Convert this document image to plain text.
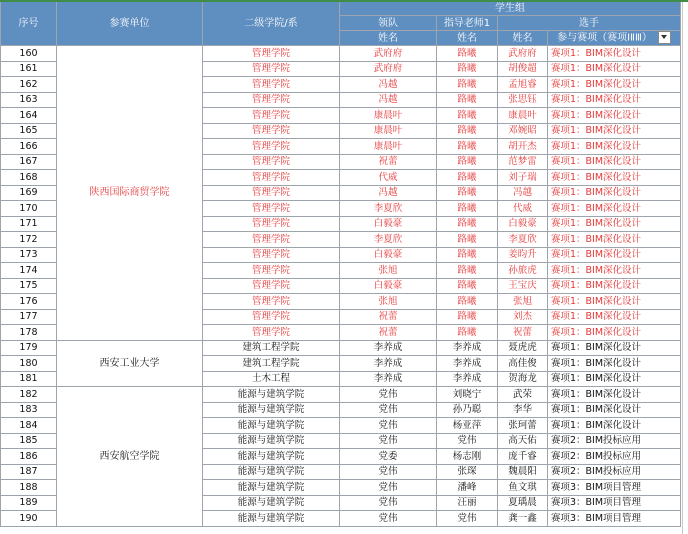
序号	参赛单位	二级学院/系	学生组			
			领队	指导老师1	选手	
			姓名	姓名	姓名	参与赛项（赛项ⅠⅡⅢ）
160	陕西国际商贸学院	管理学院	武府府	路曦	武府府	赛项1：BIM深化设计
161		管理学院	武府府	路曦	胡俊超	赛项1：BIM深化设计
162		管理学院	冯越	路曦	孟旭睿	赛项1：BIM深化设计
163		管理学院	冯越	路曦	张思钰	赛项1：BIM深化设计
164		管理学院	康晨叶	路曦	康晨叶	赛项1：BIM深化设计
165		管理学院	康晨叶	路曦	邓婉昭	赛项1：BIM深化设计
166		管理学院	康晨叶	路曦	胡开杰	赛项1：BIM深化设计
167		管理学院	祝蕾	路曦	范梦雷	赛项1：BIM深化设计
168		管理学院	代威	路曦	刘子瑞	赛项1：BIM深化设计
169		管理学院	冯越	路曦	冯越	赛项1：BIM深化设计
170		管理学院	李夏欣	路曦	代威	赛项1：BIM深化设计
171		管理学院	白毅豪	路曦	白毅豪	赛项1：BIM深化设计
172		管理学院	李夏欣	路曦	李夏欣	赛项1：BIM深化设计
173		管理学院	白毅豪	路曦	姜昀升	赛项1：BIM深化设计
174		管理学院	张旭	路曦	孙旅虎	赛项1：BIM深化设计
175		管理学院	白毅豪	路曦	王宝庆	赛项1：BIM深化设计
176		管理学院	张旭	路曦	张旭	赛项1：BIM深化设计
177		管理学院	祝蕾	路曦	刘杰	赛项1：BIM深化设计
178		管理学院	祝蕾	路曦	祝蕾	赛项1：BIM深化设计
179	西安工业大学	建筑工程学院	李养成	李养成	聂虎虎	赛项1：BIM深化设计
180		建筑工程学院	李养成	李养成	高佳俊	赛项1：BIM深化设计
181		土木工程	李养成	李养成	贺海龙	赛项1：BIM深化设计
182	西安航空学院	能源与建筑学院	党伟	刘晓宁	武荣	赛项1：BIM深化设计
183		能源与建筑学院	党伟	孙乃聪	李华	赛项1：BIM深化设计
184		能源与建筑学院	党伟	杨亚萍	张珂蕾	赛项1：BIM深化设计
185		能源与建筑学院	党伟	党伟	高天佑	赛项2：BIM投标应用
186		能源与建筑学院	党委	杨志刚	庞千睿	赛项2：BIM投标应用
187		能源与建筑学院	党伟	张琛	魏晨阳	赛项2：BIM投标应用
188		能源与建筑学院	党伟	潘峰	鱼文琪	赛项3：BIM项目管理
189		能源与建筑学院	党伟	汪丽	夏瑀晨	赛项3：BIM项目管理
190		能源与建筑学院	党伟	党伟	龚一鑫	赛项3：BIM项目管理
